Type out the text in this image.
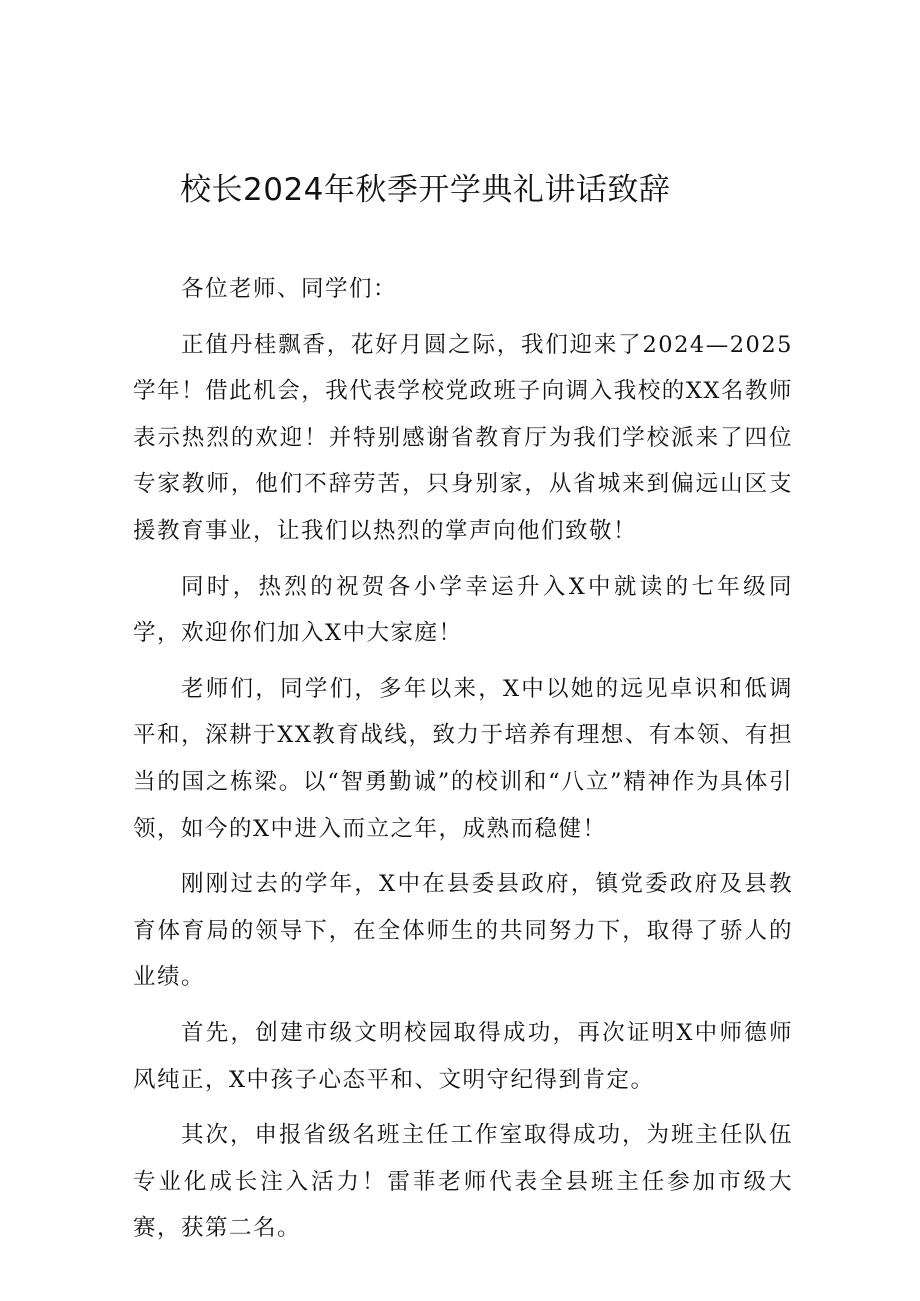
校长2024年秋季开学典礼讲话致辞

各位老师、同学们：

正值丹桂飘香，花好月圆之际，我们迎来了2024—2025学年！借此机会，我代表学校党政班子向调入我校的XX名教师表示热烈的欢迎！并特别感谢省教育厅为我们学校派来了四位专家教师，他们不辞劳苦，只身别家，从省城来到偏远山区支援教育事业，让我们以热烈的掌声向他们致敬！

同时，热烈的祝贺各小学幸运升入X中就读的七年级同学，欢迎你们加入X中大家庭！

老师们，同学们，多年以来，X中以她的远见卓识和低调平和，深耕于XX教育战线，致力于培养有理想、有本领、有担当的国之栋梁。以“智勇勤诚”的校训和“八立”精神作为具体引领，如今的X中进入而立之年，成熟而稳健！

刚刚过去的学年，X中在县委县政府，镇党委政府及县教育体育局的领导下，在全体师生的共同努力下，取得了骄人的业绩。

首先，创建市级文明校园取得成功，再次证明X中师德师风纯正，X中孩子心态平和、文明守纪得到肯定。

其次，申报省级名班主任工作室取得成功，为班主任队伍专业化成长注入活力！雷菲老师代表全县班主任参加市级大赛，获第二名。
